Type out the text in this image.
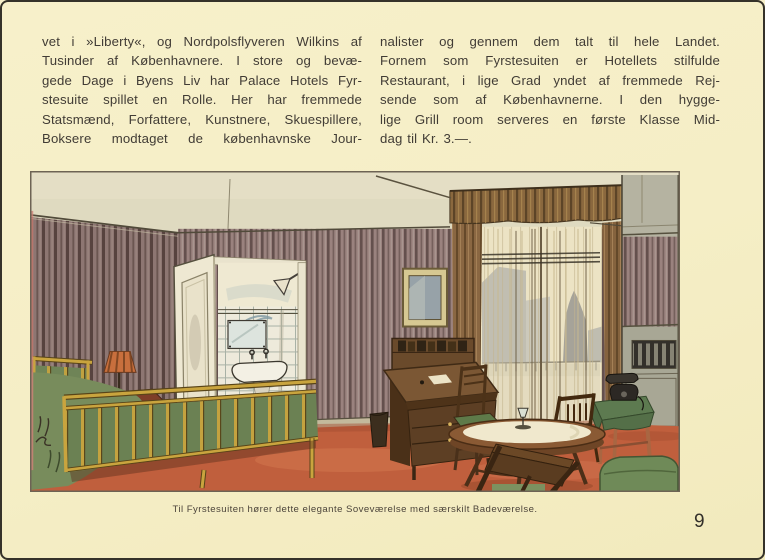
vet i »Liberty«, og Nordpolsflyveren Wilkins af
Tusinder af Københavnere. I store og bevæ-
gede Dage i Byens Liv har Palace Hotels Fyr-
stesuite spillet en Rolle. Her har fremmede
Statsmænd, Forfattere, Kunstnere, Skuespillere,
Boksere modtaget de københavnske Jour-
nalister og gennem dem talt til hele Landet.
Fornem som Fyrstesuiten er Hotellets stilfulde
Restaurant, i lige Grad yndet af fremmede Rej-
sende som af Københavnerne. I den hygge-
lige Grill room serveres en første Klasse Mid-
dag til Kr. 3.—.
Til Fyrstesuiten hører dette elegante Soveværelse med særskilt Badeværelse.
9
